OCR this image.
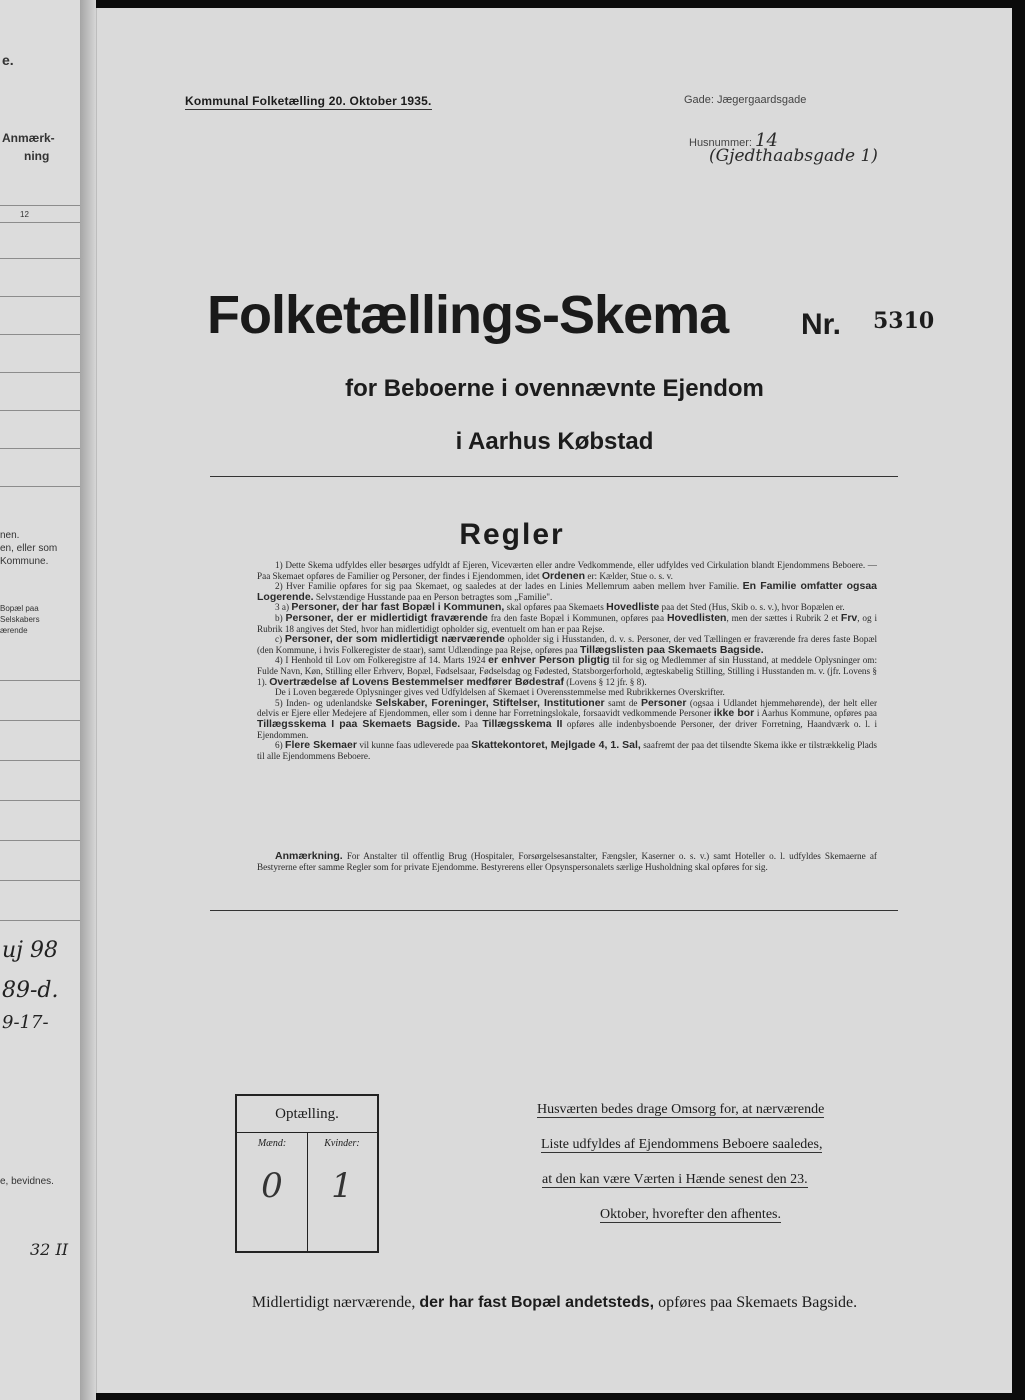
e.
Anmærk-
ning
12
nen.
en, eller som
Kommune.
Bopæl paa
Selskabers
ærende
uj 98
89-d.
9-17-
e, bevidnes.
32 II
Kommunal Folketælling 20. Oktober 1935.	Gade: Jægergaardsgade
Husnummer: 14
(Gjedthaabsgade 1)
Folketællings-Skema Nr. 5310
for Beboerne i ovennævnte Ejendom
i Aarhus Købstad
Regler

1) Dette Skema udfyldes eller besørges udfyldt af Ejeren, Viceværten eller andre Vedkommende, eller udfyldes ved Cirkulation blandt Ejendommens Beboere. — Paa Skemaet opføres de Familier og Personer, der findes i Ejendommen, idet Ordenen er: Kælder, Stue o. s. v.

2) Hver Familie opføres for sig paa Skemaet, og saaledes at der lades en Linies Mellemrum aaben mellem hver Familie. En Familie omfatter ogsaa Logerende. Selvstændige Husstande paa en Person betragtes som „Familie".

3 a) Personer, der har fast Bopæl i Kommunen, skal opføres paa Skemaets Hovedliste paa det Sted (Hus, Skib o. s. v.), hvor Bopælen er.

b) Personer, der er midlertidigt fraværende fra den faste Bopæl i Kommunen, opføres paa Hovedlisten, men der sættes i Rubrik 2 et Frv, og i Rubrik 18 angives det Sted, hvor han midlertidigt opholder sig, eventuelt om han er paa Rejse.

c) Personer, der som midlertidigt nærværende opholder sig i Husstanden, d. v. s. Personer, der ved Tællingen er fraværende fra deres faste Bopæl (den Kommune, i hvis Folkeregister de staar), samt Udlændinge paa Rejse, opføres paa Tillægslisten paa Skemaets Bagside.

4) I Henhold til Lov om Folkeregistre af 14. Marts 1924 er enhver Person pligtig til for sig og Medlemmer af sin Husstand, at meddele Oplysninger om: Fulde Navn, Køn, Stilling eller Erhverv, Bopæl, Fødselsaar, Fødselsdag og Fødested, Statsborgerforhold, ægteskabelig Stilling, Stilling i Husstanden m. v. (jfr. Lovens § 1). Overtrædelse af Lovens Bestemmelser medfører Bødestraf (Lovens § 12 jfr. § 8).

De i Loven begærede Oplysninger gives ved Udfyldelsen af Skemaet i Overensstemmelse med Rubrikkernes Overskrifter.

5) Inden- og udenlandske Selskaber, Foreninger, Stiftelser, Institutioner samt de Personer (ogsaa i Udlandet hjemmehørende), der helt eller delvis er Ejere eller Medejere af Ejendommen, eller som i denne har Forretningslokale, forsaavidt vedkommende Personer ikke bor i Aarhus Kommune, opføres paa Tillægsskema I paa Skemaets Bagside. Paa Tillægsskema II opføres alle indenbysboende Personer, der driver Forretning, Haandværk o. l. i Ejendommen.

6) Flere Skemaer vil kunne faas udleverede paa Skattekontoret, Mejlgade 4, 1. Sal, saafremt der paa det tilsendte Skema ikke er tilstrækkelig Plads til alle Ejendommens Beboere.

Anmærkning. For Anstalter til offentlig Brug (Hospitaler, Forsørgelsesanstalter, Fængsler, Kaserner o. s. v.) samt Hoteller o. l. udfyldes Skemaerne af Bestyrerne efter samme Regler som for private Ejendomme. Bestyrerens eller Opsynspersonalets særlige Husholdning skal opføres for sig.
Optælling.
Mænd:	Kvinder:
0	1
Husværten bedes drage Omsorg for, at nærværende
Liste udfyldes af Ejendommens Beboere saaledes,
at den kan være Værten i Hænde senest den 23.
Oktober, hvorefter den afhentes.
Midlertidigt nærværende, der har fast Bopæl andetsteds, opføres paa Skemaets Bagside.
